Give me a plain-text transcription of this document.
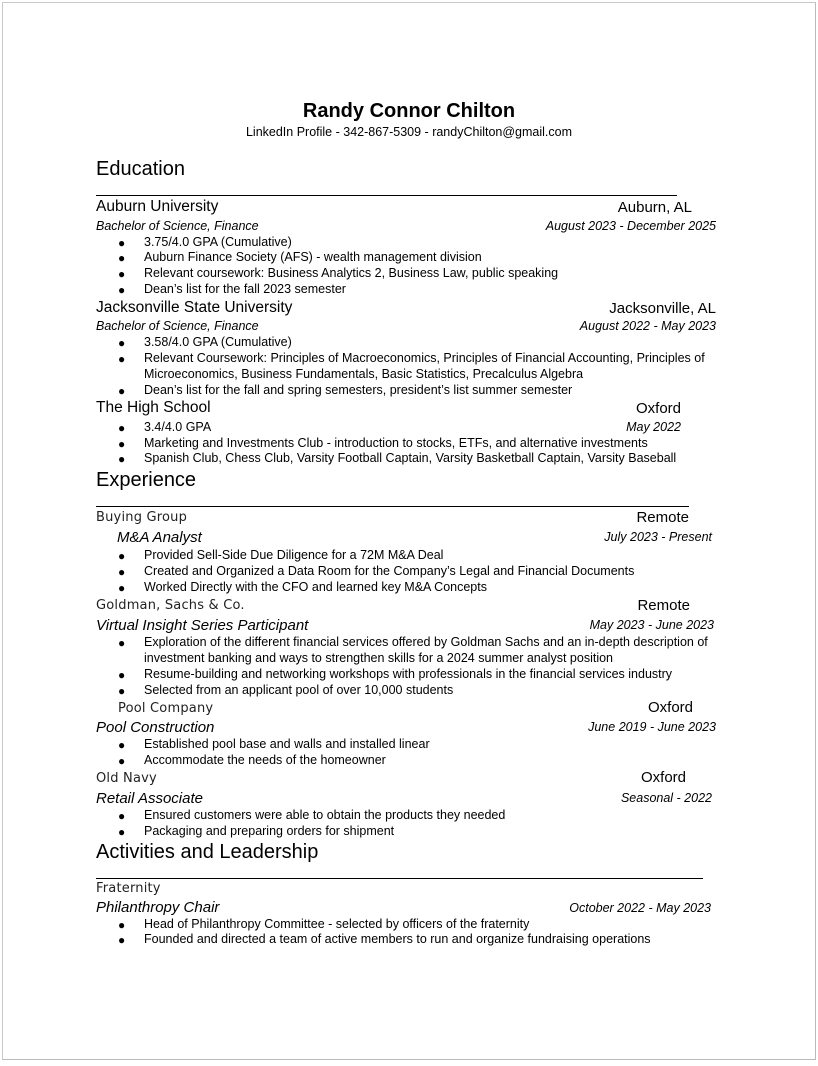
Randy Connor Chilton
LinkedIn Profile - 342-867-5309 - randyChilton@gmail.com
Education
Auburn University	Auburn, AL
Bachelor of Science, Finance	August 2023 - December 2025
● 3.75/4.0 GPA (Cumulative)
● Auburn Finance Society (AFS) - wealth management division
● Relevant coursework: Business Analytics 2, Business Law, public speaking
● Dean’s list for the fall 2023 semester
Jacksonville State University	Jacksonville, AL
Bachelor of Science, Finance	August 2022 - May 2023
● 3.58/4.0 GPA (Cumulative)
● Relevant Coursework: Principles of Macroeconomics, Principles of Financial Accounting, Principles of
Microeconomics, Business Fundamentals, Basic Statistics, Precalculus Algebra
● Dean’s list for the fall and spring semesters, president’s list summer semester
The High School	Oxford
● 3.4/4.0 GPA	May 2022
● Marketing and Investments Club - introduction to stocks, ETFs, and alternative investments
● Spanish Club, Chess Club, Varsity Football Captain, Varsity Basketball Captain, Varsity Baseball
Experience
Buying Group	Remote
M&A Analyst	July 2023 - Present
● Provided Sell-Side Due Diligence for a 72M M&A Deal
● Created and Organized a Data Room for the Company’s Legal and Financial Documents
● Worked Directly with the CFO and learned key M&A Concepts
Goldman, Sachs & Co.	Remote
Virtual Insight Series Participant	May 2023 - June 2023
● Exploration of the different financial services offered by Goldman Sachs and an in-depth description of
investment banking and ways to strengthen skills for a 2024 summer analyst position
● Resume-building and networking workshops with professionals in the financial services industry
● Selected from an applicant pool of over 10,000 students
Pool Company	Oxford
Pool Construction	June 2019 - June 2023
● Established pool base and walls and installed linear
● Accommodate the needs of the homeowner
Old Navy	Oxford
Retail Associate	Seasonal - 2022
● Ensured customers were able to obtain the products they needed
● Packaging and preparing orders for shipment
Activities and Leadership
Fraternity
Philanthropy Chair	October 2022 - May 2023
● Head of Philanthropy Committee - selected by officers of the fraternity
● Founded and directed a team of active members to run and organize fundraising operations
